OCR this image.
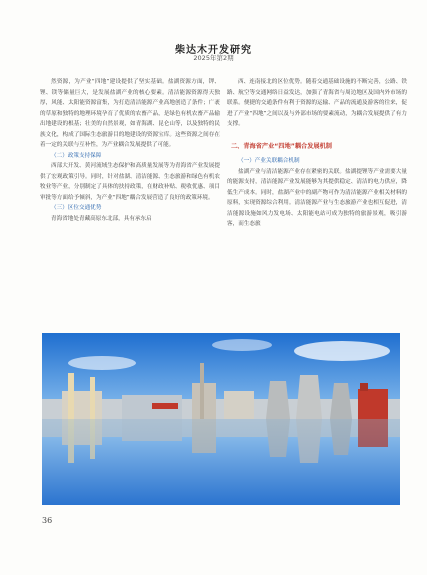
柴达木开发研究
2025年第2期

然资源，为产业“四地”建设提供了坚实基础。盐湖资源方面，钾、锂、镁等储量巨大，是发展盐湖产业的核心要素。清洁能源资源得天独厚，风能、太阳能资源富集，为打造清洁能源产业高地创造了条件；广袤的草原和独特的地理环境孕育了优质的农畜产品，是绿色有机农畜产品输出地建设的根基；壮美的自然景观，如青海湖、昆仑山等，以及独特的民族文化，构成了国际生态旅游目的地建设的资源宝库。这些资源之间存在着一定的关联与互补性，为产业耦合发展提供了可能。

（二）政策支持保障

西部大开发、黄河流域生态保护和高质量发展等为青海省产业发展提供了宏观政策引导。同时，针对盐湖、清洁能源、生态旅游和绿色有机农牧业等产业，分别制定了具体的扶持政策，在财政补贴、税收优惠、项目审批等方面给予倾斜，为产业“四地”耦合发展营造了良好的政策环境。

（三）区位交通优势

青海省地处青藏高原东北部，具有承东启

西、连南接北的区位优势。随着交通基础设施的不断完善，公路、铁路、航空等交通网络日益发达，加强了青海省与周边地区及国内外市场的联系。便捷的交通条件有利于资源的运输、产品的流通及游客的往来，促进了产业“四地”之间以及与外部市场的要素流动，为耦合发展提供了有力支撑。

二、青海省产业“四地”耦合发展机制

（一）产业关联耦合机制

盐湖产业与清洁能源产业存在紧密的关联。盐湖提锂等产业需要大量的能源支持，清洁能源产业发展能够为其提供稳定、清洁的电力供应，降低生产成本。同时，盐湖产业中的副产物可作为清洁能源产业相关材料的原料，实现资源综合利用。清洁能源产业与生态旅游产业也相互促进，清洁能源设施如风力发电场、太阳能电站可成为独特的旅游景观，吸引游客，而生态旅

36
